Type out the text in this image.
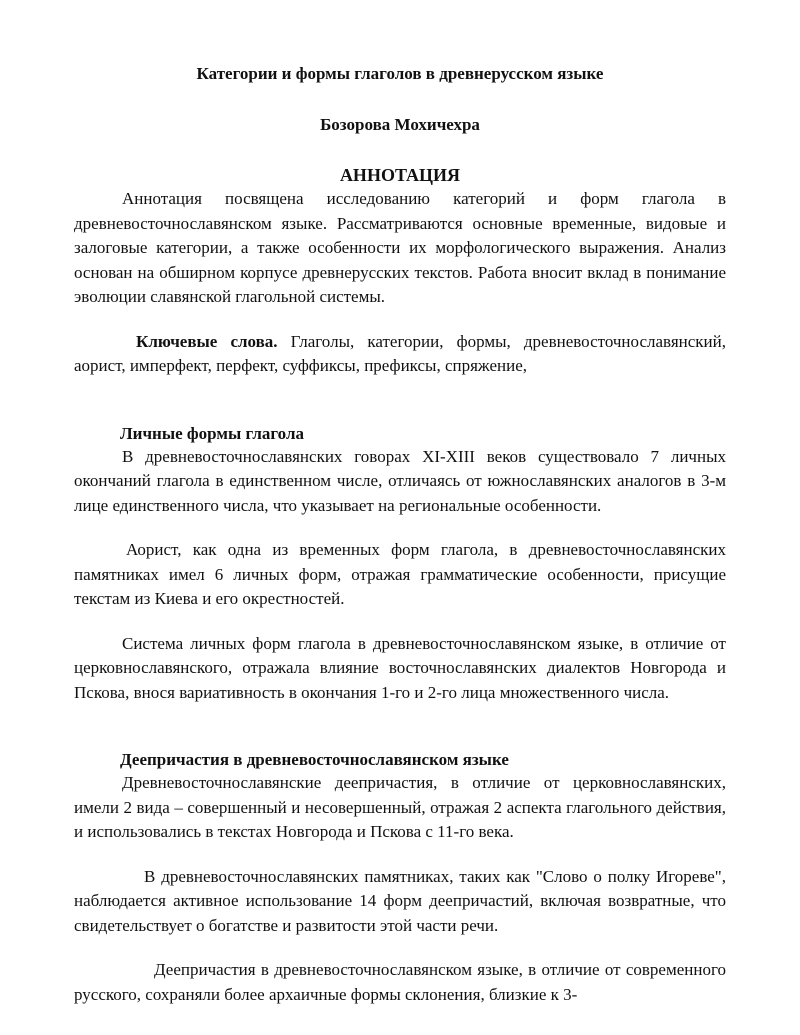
Категории и формы глаголов в древнерусском языке
Бозорова Мохичехра
АННОТАЦИЯ

Аннотация посвящена исследованию категорий и форм глагола в древневосточнославянском языке. Рассматриваются основные временные, видовые и залоговые категории, а также особенности их морфологического выражения. Анализ основан на обширном корпусе древнерусских текстов. Работа вносит вклад в понимание эволюции славянской глагольной системы.

Ключевые слова. Глаголы, категории, формы, древневосточнославянский, аорист, имперфект, перфект, суффиксы, префиксы, спряжение,

Личные формы глагола

В древневосточнославянских говорах XI-XIII веков существовало 7 личных окончаний глагола в единственном числе, отличаясь от южнославянских аналогов в 3-м лице единственного числа, что указывает на региональные особенности.

Аорист, как одна из временных форм глагола, в древневосточнославянских памятниках имел 6 личных форм, отражая грамматические особенности, присущие текстам из Киева и его окрестностей.

Система личных форм глагола в древневосточнославянском языке, в отличие от церковнославянского, отражала влияние восточнославянских диалектов Новгорода и Пскова, внося вариативность в окончания 1-го и 2-го лица множественного числа.

Деепричастия в древневосточнославянском языке

Древневосточнославянские деепричастия, в отличие от церковнославянских, имели 2 вида – совершенный и несовершенный, отражая 2 аспекта глагольного действия, и использовались в текстах Новгорода и Пскова с 11-го века.

В древневосточнославянских памятниках, таких как "Слово о полку Игореве", наблюдается активное использование 14 форм деепричастий, включая возвратные, что свидетельствует о богатстве и развитости этой части речи.

Деепричастия в древневосточнославянском языке, в отличие от современного русского, сохраняли более архаичные формы склонения, близкие к 3-
